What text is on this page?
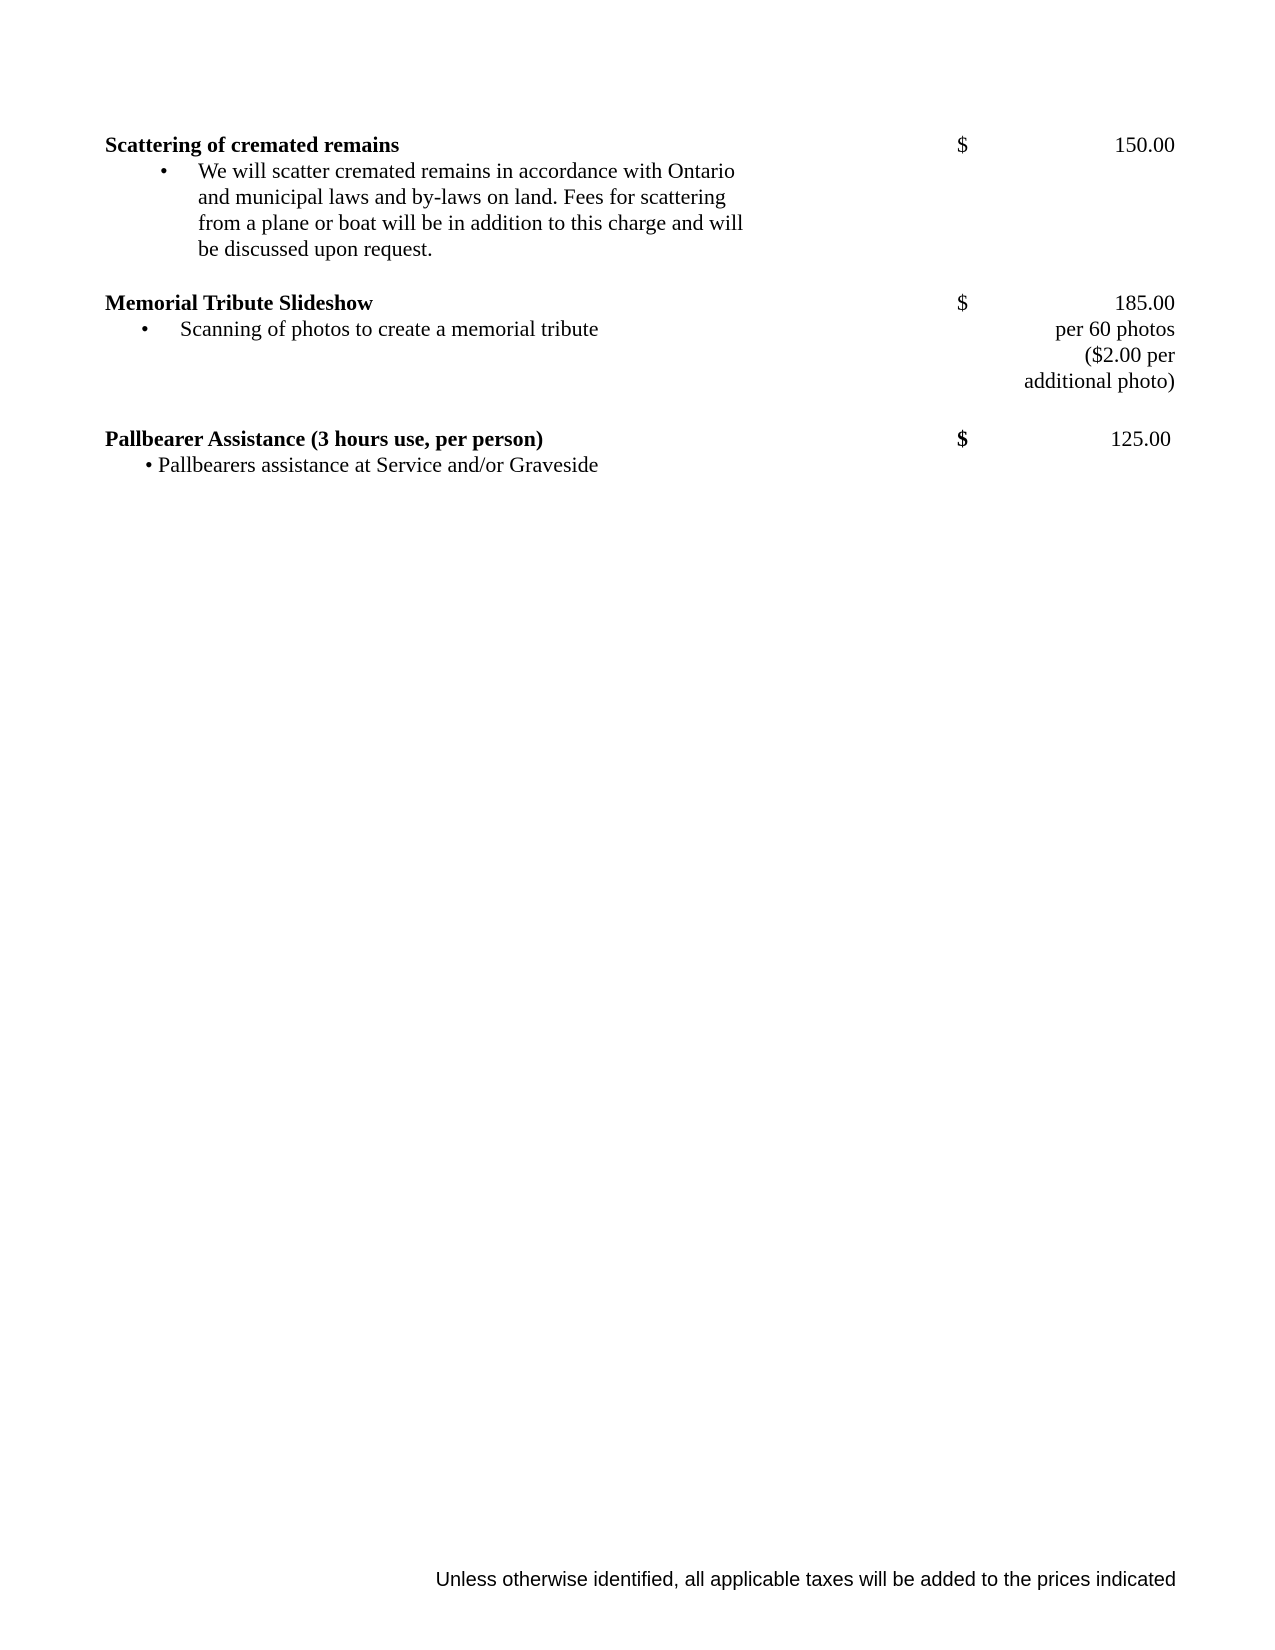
Scattering of cremated remains	$	150.00
• We will scatter cremated remains in accordance with Ontario
and municipal laws and by-laws on land. Fees for scattering
from a plane or boat will be in addition to this charge and will
be discussed upon request.
Memorial Tribute Slideshow	$	185.00
per 60 photos
($2.00 per
additional photo)
• Scanning of photos to create a memorial tribute
Pallbearer Assistance (3 hours use, per person)	$	125.00
• Pallbearers assistance at Service and/or Graveside
Unless otherwise identified, all applicable taxes will be added to the prices indicated
